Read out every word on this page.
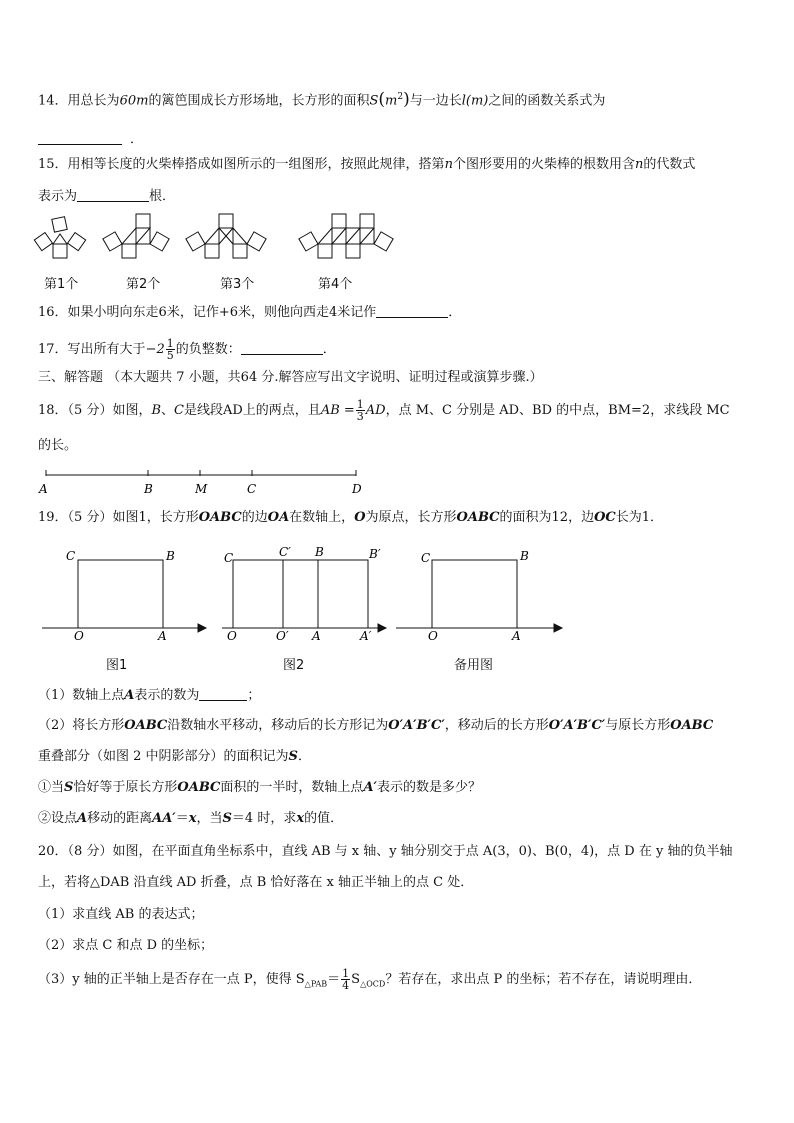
14．用总长为60m的篱笆围成长方形场地，长方形的面积$S(m^2)$与一边长l(m)之间的函数关系式为
．
15．用相等长度的火柴棒搭成如图所示的一组图形，按照此规律，搭第n个图形要用的火柴棒的根数用含n的代数式
表示为	根．
第1个	第2个	第3个	第4个
16．如果小明向东走6米，记作+6米，则他向西走4米记作	．
17．写出所有大于$-2 \frac{1}{5}$ 的负整数：	．
三、解答题 （本大题共 7 小题，共64 分.解答应写出文字说明、证明过程或演算步骤.）
18．（5 分）如图，B、C是线段AD上的两点，且AB = $\frac{1}{3}$ AD，点 M、C 分别是 AD、BD 的中点，BM=2，求线段 MC
的长。
A	B	M	C	D
19．（5 分）如图1，长方形OABC的边OA在数轴上，O为原点，长方形OABC的面积为12，边OC长为1．
C	B
O	A
C	C′ B	B′
O	O′ A	A′
C	B
O	A
图1	图2	备用图
（1）数轴上点A表示的数为	；
（2）将长方形OABC沿数轴水平移动，移动后的长方形记为O′A′B′C′，移动后的长方形O′A′B′C′与原长方形OABC
重叠部分（如图 2 中阴影部分）的面积记为S．
①当S恰好等于原长方形OABC面积的一半时，数轴上点A′表示的数是多少？
②设点A移动的距离AA′＝x，当S＝4 时，求x的值．
20．（8 分）如图，在平面直角坐标系中，直线 AB 与 x 轴、y 轴分别交于点 A(3，0)、B(0，4)，点 D 在 y 轴的负半轴
上，若将△DAB 沿直线 AD 折叠，点 B 恰好落在 x 轴正半轴上的点 C 处．
（1）求直线 AB 的表达式；
（2）求点 C 和点 D 的坐标；
（3）y 轴的正半轴上是否存在一点 P，使得 $S_{\triangle PAB}= \frac{1}{4} S_{\triangle OCD}$？若存在，求出点 P 的坐标；若不存在，请说明理由．
